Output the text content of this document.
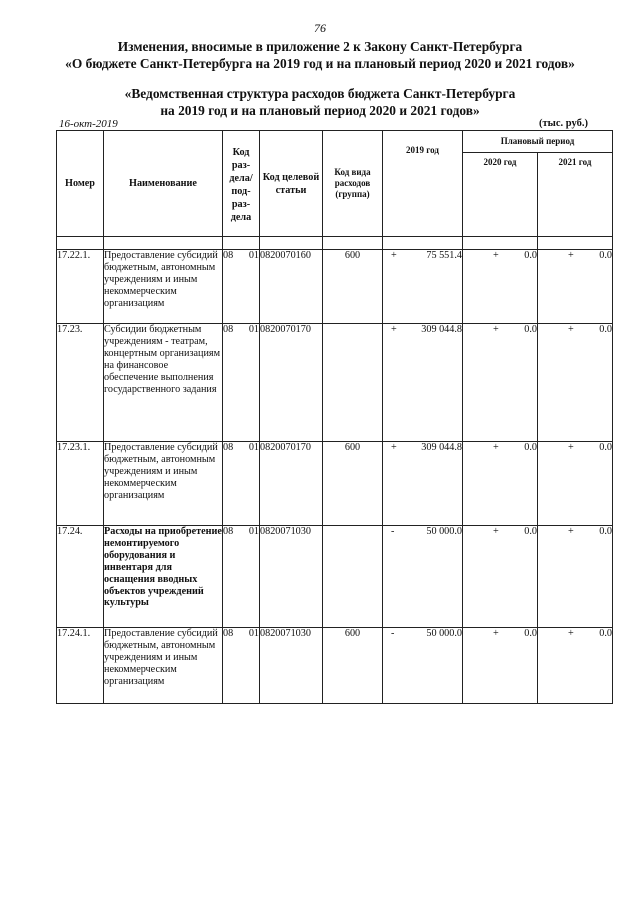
76
Изменения, вносимые в приложение 2 к Закону Санкт-Петербурга
«О бюджете Санкт-Петербурга на 2019 год и на плановый период 2020 и 2021 годов»
«Ведомственная структура расходов бюджета Санкт-Петербурга
на 2019 год и на плановый период 2020 и 2021 годов»
16-окт-2019	(тыс. руб.)
Номер	Наименование	Код раз-дела/ под-раз-дела	Код целевой статьи	Код вида расходов (группа)	2019 год	Плановый период	
						2020 год	2021 год

17.22.1.	Предоставление субсидий бюджетным, автономным учреждениям и иным некоммерческим организациям	08 01	0820070160	600	+ 75 551.4	+ 0.0	+ 0.0
17.23.	Субсидии бюджетным учреждениям - театрам, концертным организациям на финансовое обеспечение выполнения государственного задания	08 01	0820070170		+ 309 044.8	+ 0.0	+ 0.0
17.23.1.	Предоставление субсидий бюджетным, автономным учреждениям и иным некоммерческим организациям	08 01	0820070170	600	+ 309 044.8	+ 0.0	+ 0.0
17.24.	Расходы на приобретение немонтируемого оборудования и инвентаря для оснащения вводных объектов учреждений культуры	08 01	0820071030		- 50 000.0	+ 0.0	+ 0.0
17.24.1.	Предоставление субсидий бюджетным, автономным учреждениям и иным некоммерческим организациям	08 01	0820071030	600	- 50 000.0	+ 0.0	+ 0.0
